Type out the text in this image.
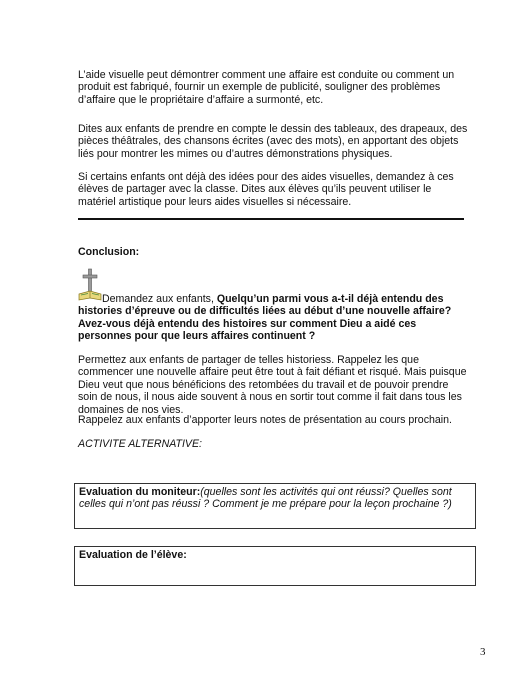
L’aide visuelle peut démontrer comment une affaire est conduite ou comment un produit est fabriqué, fournir un exemple de publicité, souligner des problèmes d’affaire que le propriétaire d’affaire a surmonté, etc.

Dites aux enfants de prendre en compte le dessin des tableaux, des drapeaux, des pièces théâtrales, des chansons écrites (avec des mots), en apportant des objets liés pour montrer les mimes ou d’autres démonstrations physiques.

Si certains enfants ont déjà des idées pour des aides visuelles, demandez à ces élèves de partager avec la classe. Dites aux élèves qu’ils peuvent utiliser le matériel artistique pour leurs aides visuelles si nécessaire.

Conclusion:

Demandez aux enfants, Quelqu’un parmi vous a-t-il déjà entendu des histories d’épreuve ou de difficultés liées au début d’une nouvelle affaire? Avez-vous déjà entendu des histoires sur comment Dieu a aidé ces personnes pour que leurs affaires continuent ?

Permettez aux enfants de partager de telles historiess. Rappelez les que commencer une nouvelle affaire peut être tout à fait défiant et risqué. Mais puisque Dieu veut que nous bénéficions des retombées du travail et de pouvoir prendre soin de nous, il nous aide souvent à nous en sortir tout comme il fait dans tous les domaines de nos vies.

Rappelez aux enfants d’apporter leurs notes de présentation au cours prochain.

ACTIVITE ALTERNATIVE:

Evaluation du moniteur:(quelles sont les activités qui ont réussi? Quelles sont celles qui n’ont pas réussi ? Comment je me prépare pour la leçon prochaine ?)

Evaluation de l’élève:

3
